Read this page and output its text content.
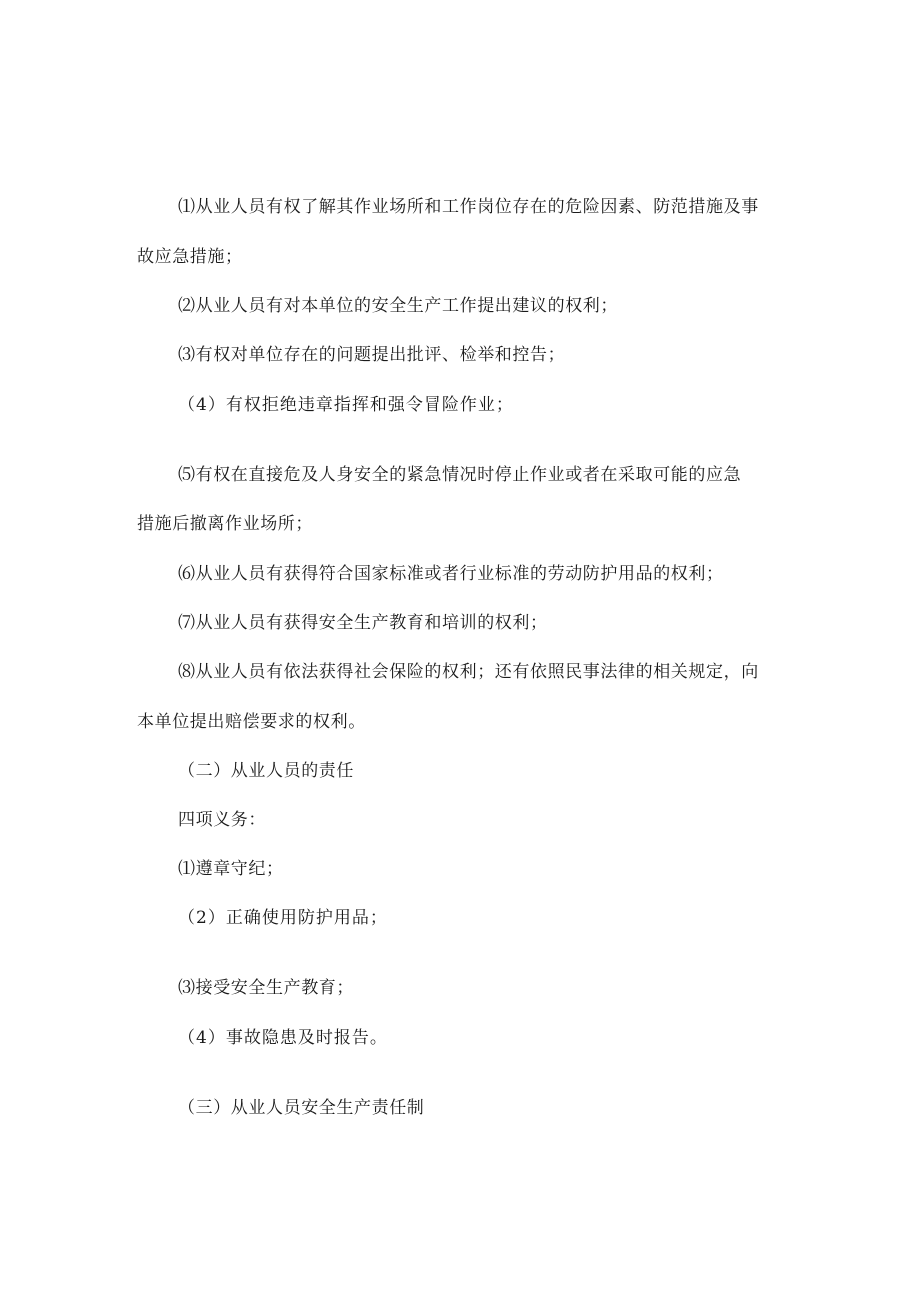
⑴从业人员有权了解其作业场所和工作岗位存在的危险因素、防范措施及事

故应急措施；

⑵从业人员有对本单位的安全生产工作提出建议的权利；

⑶有权对单位存在的问题提出批评、检举和控告；

（4）有权拒绝违章指挥和强令冒险作业；

⑸有权在直接危及人身安全的紧急情况时停止作业或者在采取可能的应急

措施后撤离作业场所；

⑹从业人员有获得符合国家标准或者行业标准的劳动防护用品的权利；

⑺从业人员有获得安全生产教育和培训的权利；

⑻从业人员有依法获得社会保险的权利；还有依照民事法律的相关规定，向

本单位提出赔偿要求的权利。

（二）从业人员的责任

四项义务：

⑴遵章守纪；

（2）正确使用防护用品；

⑶接受安全生产教育；

（4）事故隐患及时报告。

（三）从业人员安全生产责任制
